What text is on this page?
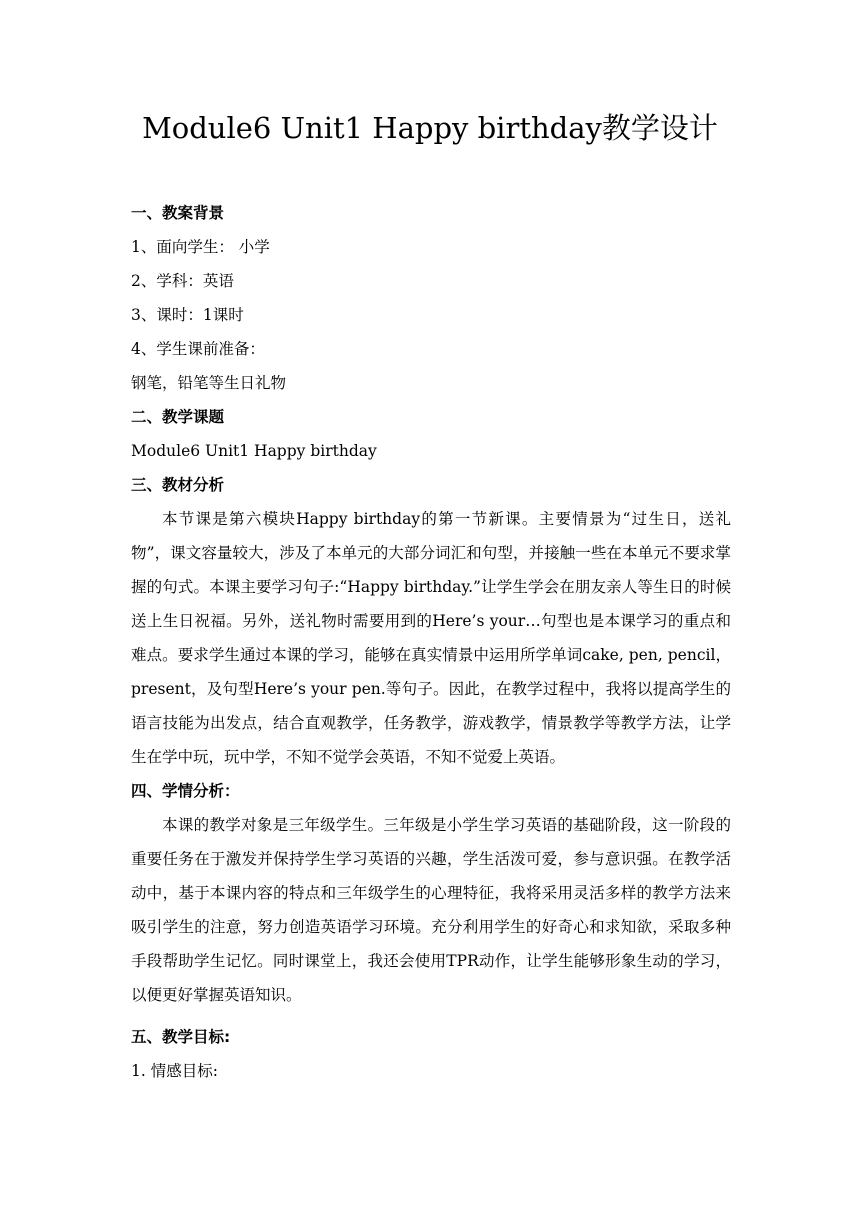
Module6 Unit1 Happy birthday教学设计
一、教案背景
1、面向学生： 小学
2、学科：英语
3、课时：1课时
4、学生课前准备：
钢笔，铅笔等生日礼物
二、教学课题
Module6 Unit1 Happy birthday
三、教材分析
本节课是第六模块Happy birthday的第一节新课。主要情景为“过生日，送礼物”，课文容量较大，涉及了本单元的大部分词汇和句型，并接触一些在本单元不要求掌握的句式。本课主要学习句子:“Happy birthday.”让学生学会在朋友亲人等生日的时候送上生日祝福。另外，送礼物时需要用到的Here’s your…句型也是本课学习的重点和难点。要求学生通过本课的学习，能够在真实情景中运用所学单词cake, pen, pencil，present，及句型Here’s your pen.等句子。因此，在教学过程中，我将以提高学生的语言技能为出发点，结合直观教学，任务教学，游戏教学，情景教学等教学方法，让学生在学中玩，玩中学，不知不觉学会英语，不知不觉爱上英语。
四、学情分析：
本课的教学对象是三年级学生。三年级是小学生学习英语的基础阶段，这一阶段的重要任务在于激发并保持学生学习英语的兴趣，学生活泼可爱，参与意识强。在教学活动中，基于本课内容的特点和三年级学生的心理特征，我将采用灵活多样的教学方法来吸引学生的注意，努力创造英语学习环境。充分利用学生的好奇心和求知欲，采取多种手段帮助学生记忆。同时课堂上，我还会使用TPR动作，让学生能够形象生动的学习，以便更好掌握英语知识。
五、教学目标:
1. 情感目标:
